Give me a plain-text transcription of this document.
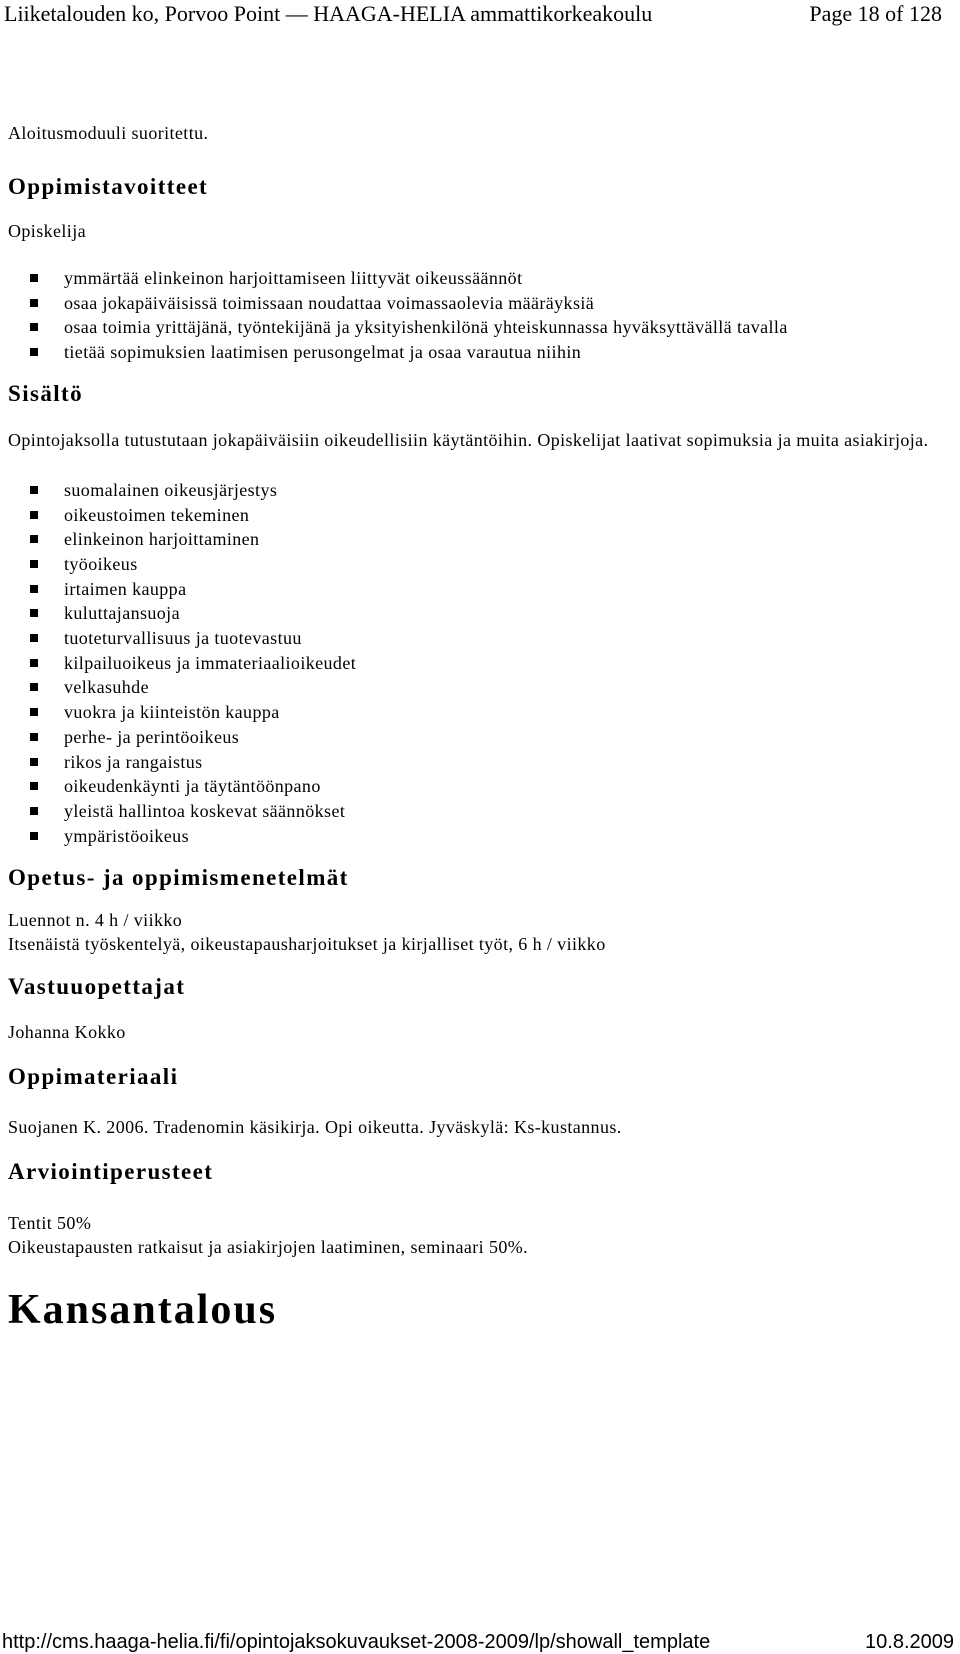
Liiketalouden ko, Porvoo Point — HAAGA-HELIA ammattikorkeakoulu	Page 18 of 128
Aloitusmoduuli suoritettu.
Oppimistavoitteet
Opiskelija
ymmärtää elinkeinon harjoittamiseen liittyvät oikeussäännöt
osaa jokapäiväisissä toimissaan noudattaa voimassaolevia määräyksiä
osaa toimia yrittäjänä, työntekijänä ja yksityishenkilönä yhteiskunnassa hyväksyttävällä tavalla
tietää sopimuksien laatimisen perusongelmat ja osaa varautua niihin
Sisältö
Opintojaksolla tutustutaan jokapäiväisiin oikeudellisiin käytäntöihin. Opiskelijat laativat sopimuksia ja muita asiakirjoja.
suomalainen oikeusjärjestys
oikeustoimen tekeminen
elinkeinon harjoittaminen
työoikeus
irtaimen kauppa
kuluttajansuoja
tuoteturvallisuus ja tuotevastuu
kilpailuoikeus ja immateriaalioikeudet
velkasuhde
vuokra ja kiinteistön kauppa
perhe- ja perintöoikeus
rikos ja rangaistus
oikeudenkäynti ja täytäntöönpano
yleistä hallintoa koskevat säännökset
ympäristöoikeus
Opetus- ja oppimismenetelmät
Luennot n. 4 h / viikko
Itsenäistä työskentelyä, oikeustapausharjoitukset ja kirjalliset työt, 6 h / viikko
Vastuuopettajat
Johanna Kokko
Oppimateriaali
Suojanen K. 2006. Tradenomin käsikirja. Opi oikeutta. Jyväskylä: Ks-kustannus.
Arviointiperusteet
Tentit 50%
Oikeustapausten ratkaisut ja asiakirjojen laatiminen, seminaari 50%.
Kansantalous
http://cms.haaga-helia.fi/fi/opintojaksokuvaukset-2008-2009/lp/showall_template	10.8.2009
